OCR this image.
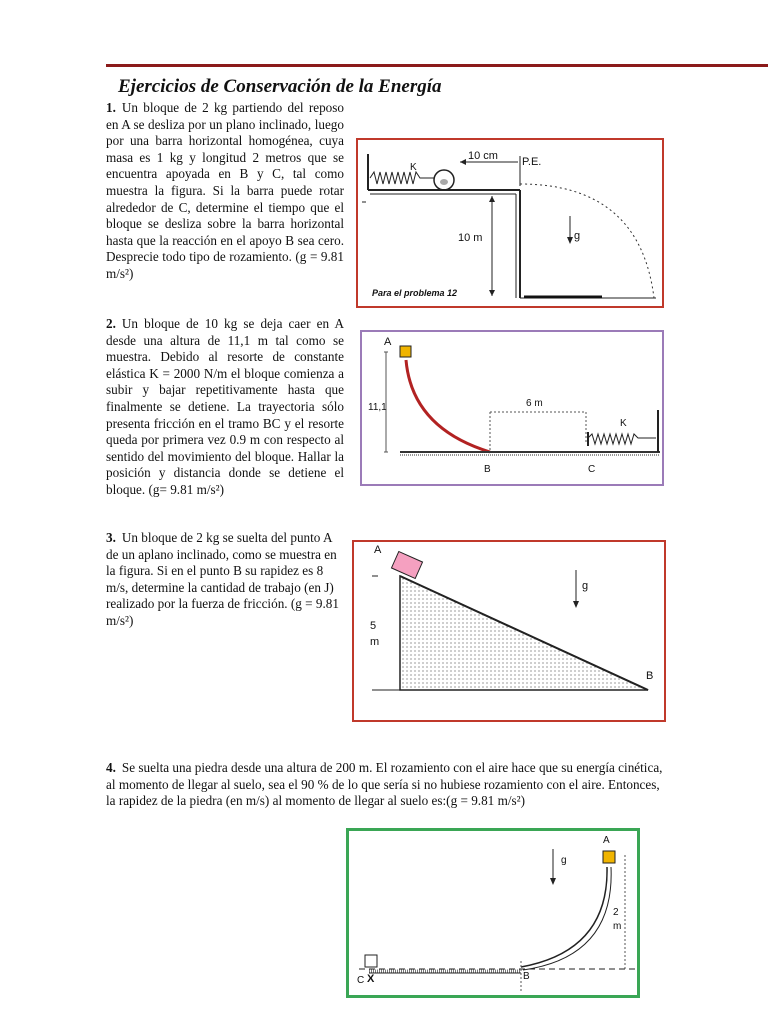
Ejercicios de Conservación de la Energía
1. Un bloque de 2 kg partiendo del reposo en A se desliza por un plano inclinado, luego por una barra horizontal homogénea, cuya masa es 1 kg y longitud 2 metros que se encuentra apoyada en B y C, tal como muestra la figura. Si la barra puede rotar alrededor de C, determine el tiempo que el bloque se desliza sobre la barra horizontal hasta que la reacción en el apoyo B sea cero. Desprecie todo tipo de rozamiento. (g = 9.81 m/s²)
10 cm P.E.
K
10 m	g
Para el problema 12
2. Un bloque de 10 kg se deja caer en A desde una altura de 11,1 m tal como se muestra. Debido al resorte de constante elástica K = 2000 N/m el bloque comienza a subir y bajar repetitivamente hasta que finalmente se detiene. La trayectoria sólo presenta fricción en el tramo BC y el resorte queda por primera vez 0.9 m con respecto al sentido del movimiento del bloque. Hallar la posición y distancia donde se detiene el bloque. (g= 9.81 m/s²)
A
11,1	6 m
K
B	C
3. Un bloque de 2 kg se suelta del punto A de un aplano inclinado, como se muestra en la figura. Si en el punto B su rapidez es 8 m/s, determine la cantidad de trabajo (en J) realizado por la fuerza de fricción. (g = 9.81 m/s²)
A
5
m
g
B
4. Se suelta una piedra desde una altura de 200 m. El rozamiento con el aire hace que su energía cinética, al momento de llegar al suelo, sea el 90 % de lo que sería si no hubiese rozamiento con el aire. Entonces, la rapidez de la piedra (en m/s) al momento de llegar al suelo es:(g = 9.81 m/s²)
A
g
2
m
B
C X
